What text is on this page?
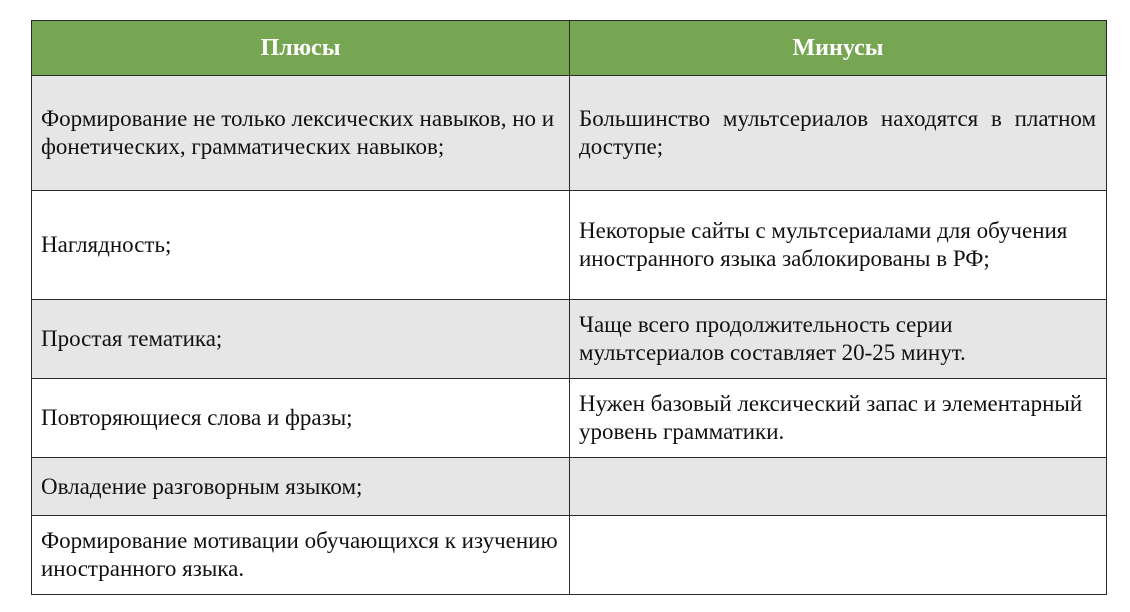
Плюсы	Минусы
Формирование не только лексических навыков, но и фонетических, грамматических навыков;	Большинство мультсериалов находятся в платном доступе;
Наглядность;	Некоторые сайты с мультсериалами для обучения иностранного языка заблокированы в РФ;
Простая тематика;	Чаще всего продолжительность серии мультсериалов составляет 20-25 минут.
Повторяющиеся слова и фразы;	Нужен базовый лексический запас и элементарный уровень грамматики.
Овладение разговорным языком;	
Формирование мотивации обучающихся к изучению иностранного языка.	
